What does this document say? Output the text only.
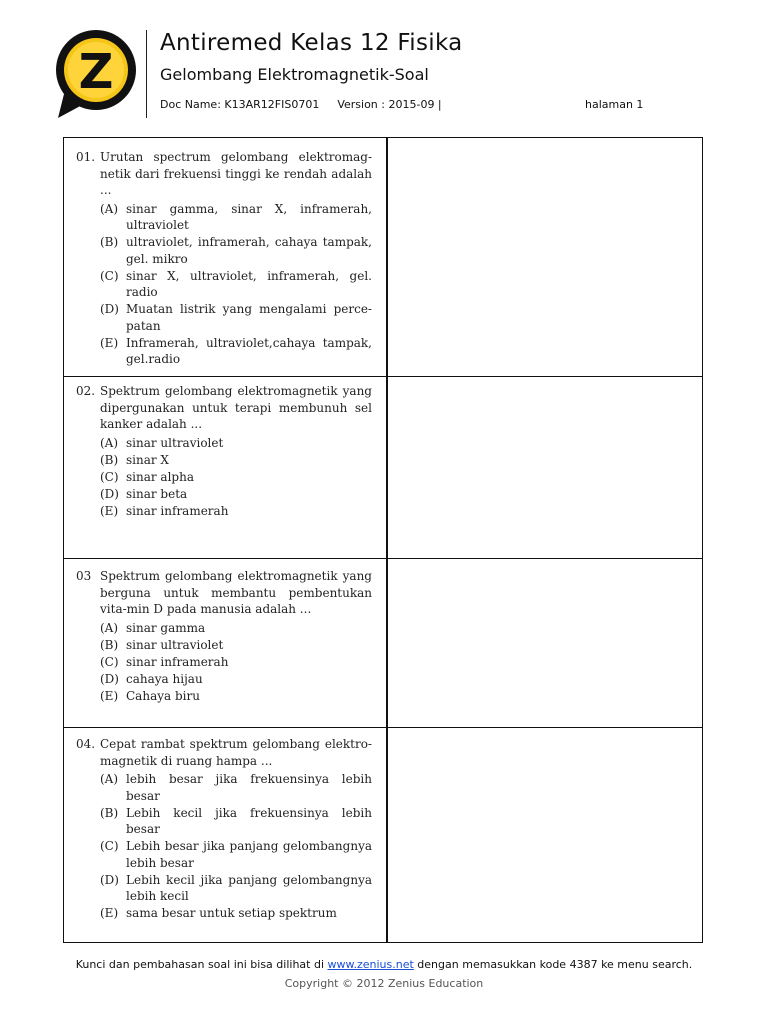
Z
Antiremed Kelas 12 Fisika
Gelombang Elektromagnetik-Soal
Doc Name: K13AR12FIS0701 Version : 2015-09 |	halaman 1
01. Urutan spectrum gelombang elektromag-netik dari frekuensi tinggi ke rendah adalah ...
(A) sinar gamma, sinar X, inframerah, ultraviolet
(B) ultraviolet, inframerah, cahaya tampak, gel. mikro
(C) sinar X, ultraviolet, inframerah, gel. radio
(D) Muatan listrik yang mengalami perce-patan
(E) Inframerah, ultraviolet,cahaya tampak, gel.radio
02. Spektrum gelombang elektromagnetik yang dipergunakan untuk terapi membunuh sel kanker adalah ...
(A) sinar ultraviolet
(B) sinar X
(C) sinar alpha
(D) sinar beta
(E) sinar inframerah
03 Spektrum gelombang elektromagnetik yang berguna untuk membantu pembentukan vita-min D pada manusia adalah ...
(A) sinar gamma
(B) sinar ultraviolet
(C) sinar inframerah
(D) cahaya hijau
(E) Cahaya biru
04. Cepat rambat spektrum gelombang elektro-magnetik di ruang hampa ...
(A) lebih besar jika frekuensinya lebih besar
(B) Lebih kecil jika frekuensinya lebih besar
(C) Lebih besar jika panjang gelombangnya lebih besar
(D) Lebih kecil jika panjang gelombangnya lebih kecil
(E) sama besar untuk setiap spektrum
Kunci dan pembahasan soal ini bisa dilihat di www.zenius.net dengan memasukkan kode 4387 ke menu search.
Copyright © 2012 Zenius Education
